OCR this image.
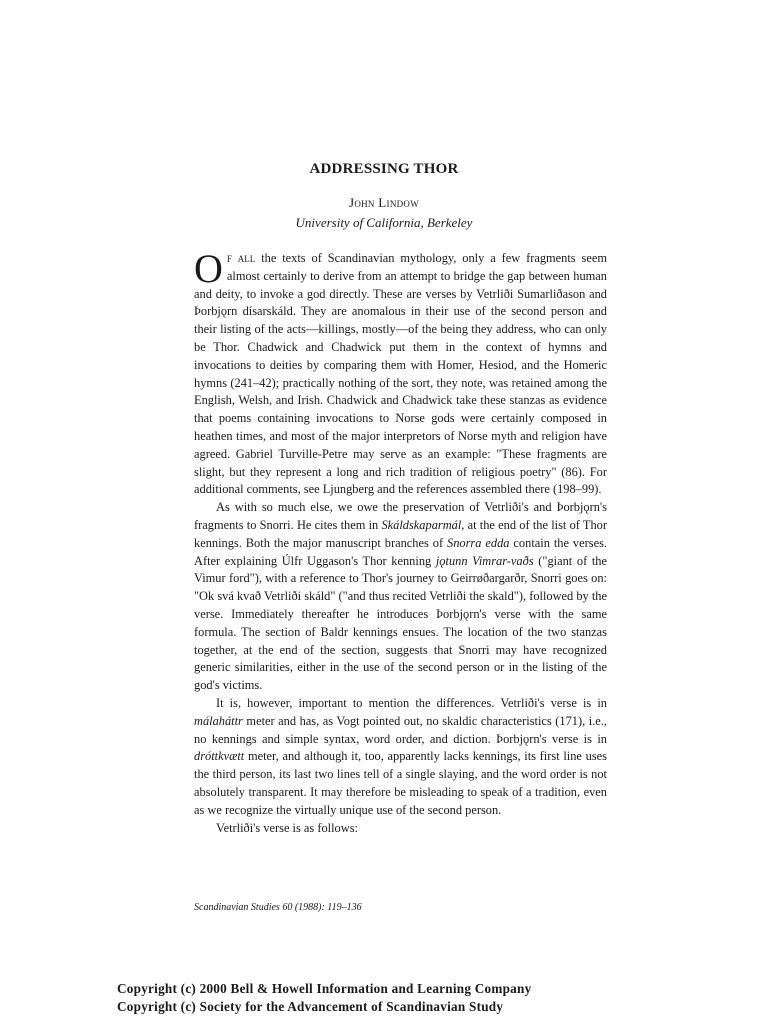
ADDRESSING THOR
John Lindow
University of California, Berkeley

Of all the texts of Scandinavian mythology, only a few fragments seem almost certainly to derive from an attempt to bridge the gap between human and deity, to invoke a god directly. These are verses by Vetrliði Sumarliðason and Þorbjǫrn dísarskáld. They are anomalous in their use of the second person and their listing of the acts—killings, mostly—of the being they address, who can only be Thor. Chadwick and Chadwick put them in the context of hymns and invocations to deities by comparing them with Homer, Hesiod, and the Homeric hymns (241–42); practically nothing of the sort, they note, was retained among the English, Welsh, and Irish. Chadwick and Chadwick take these stanzas as evidence that poems containing invocations to Norse gods were certainly composed in heathen times, and most of the major interpretors of Norse myth and religion have agreed. Gabriel Turville-Petre may serve as an example: "These fragments are slight, but they represent a long and rich tradition of religious poetry" (86). For additional comments, see Ljungberg and the references assembled there (198–99).

As with so much else, we owe the preservation of Vetrliði's and Þorbjǫrn's fragments to Snorri. He cites them in Skáldskaparmál, at the end of the list of Thor kennings. Both the major manuscript branches of Snorra edda contain the verses. After explaining Úlfr Uggason's Thor kenning jǫtunn Vimrar-vaðs ("giant of the Vimur ford"), with a reference to Thor's journey to Geirrøðargarðr, Snorri goes on: "Ok svá kvað Vetrliði skáld" ("and thus recited Vetrliði the skald"), followed by the verse. Immediately thereafter he introduces Þorbjǫrn's verse with the same formula. The section of Baldr kennings ensues. The location of the two stanzas together, at the end of the section, suggests that Snorri may have recognized generic similarities, either in the use of the second person or in the listing of the god's victims.

It is, however, important to mention the differences. Vetrliði's verse is in málaháttr meter and has, as Vogt pointed out, no skaldic characteristics (171), i.e., no kennings and simple syntax, word order, and diction. Þorbjǫrn's verse is in dróttkvætt meter, and although it, too, apparently lacks kennings, its first line uses the third person, its last two lines tell of a single slaying, and the word order is not absolutely transparent. It may therefore be misleading to speak of a tradition, even as we recognize the virtually unique use of the second person.

Vetrliði's verse is as follows:

Scandinavian Studies 60 (1988): 119–136
Copyright (c) 2000 Bell & Howell Information and Learning Company
Copyright (c) Society for the Advancement of Scandinavian Study
